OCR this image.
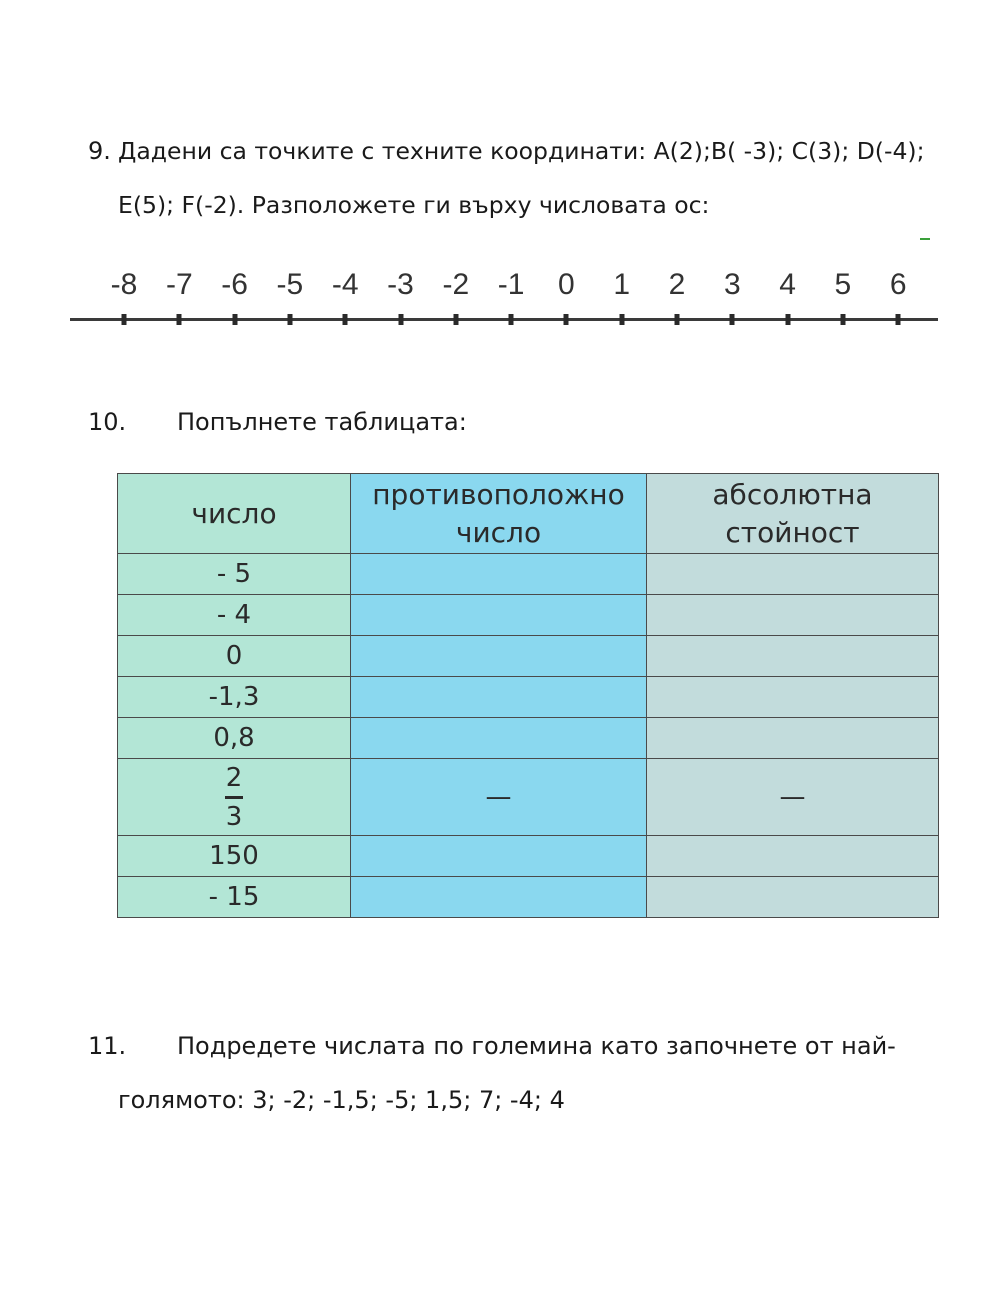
9. Дадени са точките с техните координати: A(2);B( -3); C(3); D(-4);
E(5); F(-2). Разположете ги върху числовата ос:
-8 -7 -6 -5 -4 -3 -2 -1 0 1 2 3 4 5 6
10. Попълнете таблицата:
число	противоположно число	абсолютна стойност
- 5		
- 4		
0		
-1,3		
0,8		

$\frac{2}{3}$	—	—
150		
- 15		
11. Подредете числата по големина като започнете от най-
голямото: 3; -2; -1,5; -5; 1,5; 7; -4; 4
